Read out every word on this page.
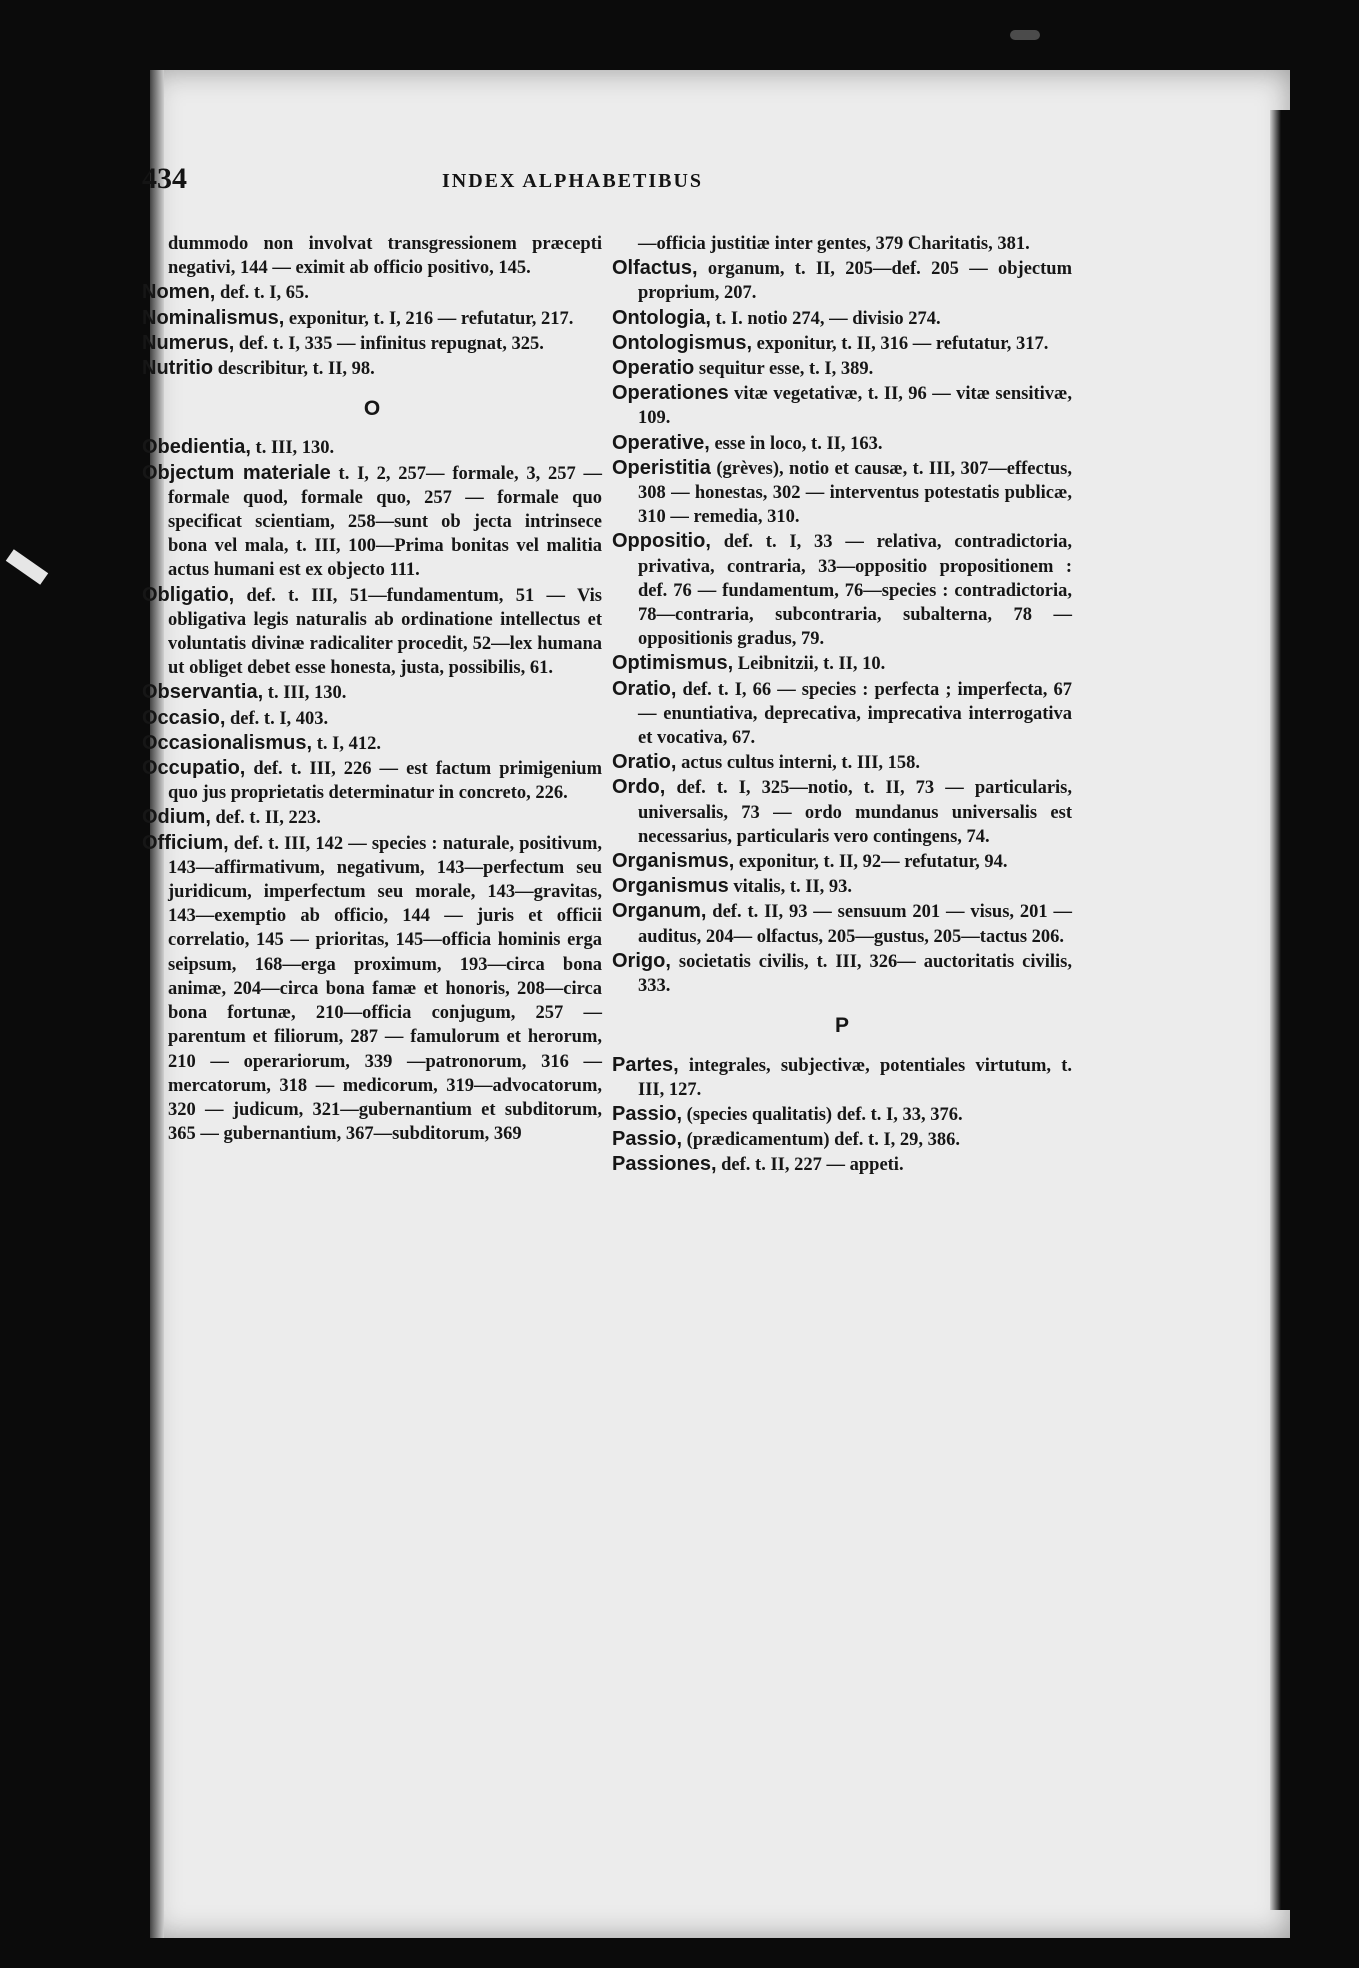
434	INDEX ALPHABETIBUS

dummodo non involvat transgressionem præcepti negativi, 144 — eximit ab officio positivo, 145.

Nomen, def. t. I, 65.

Nominalismus, exponitur, t. I, 216 — refutatur, 217.

Numerus, def. t. I, 335 — infinitus repugnat, 325.

Nutritio describitur, t. II, 98.

O

Obedientia, t. III, 130.

Objectum materiale t. I, 2, 257— formale, 3, 257 — formale quod, formale quo, 257 — formale quo specificat scientiam, 258—sunt ob jecta intrinsece bona vel mala, t. III, 100—Prima bonitas vel malitia actus humani est ex objecto 111.

Obligatio, def. t. III, 51—fundamentum, 51 — Vis obligativa legis naturalis ab ordinatione intellectus et voluntatis divinæ radicaliter procedit, 52—lex humana ut obliget debet esse honesta, justa, possibilis, 61.

Observantia, t. III, 130.

Occasio, def. t. I, 403.

Occasionalismus, t. I, 412.

Occupatio, def. t. III, 226 — est factum primigenium quo jus proprietatis determinatur in concreto, 226.

Odium, def. t. II, 223.

Officium, def. t. III, 142 — species : naturale, positivum, 143—affirmativum, negativum, 143—perfectum seu juridicum, imperfectum seu morale, 143—gravitas, 143—exemptio ab officio, 144 — juris et officii correlatio, 145 — prioritas, 145—officia hominis erga seipsum, 168—erga proximum, 193—circa bona animæ, 204—circa bona famæ et honoris, 208—circa bona fortunæ, 210—officia conjugum, 257 — parentum et filiorum, 287 — famulorum et herorum, 210 — operariorum, 339 —patronorum, 316 — mercatorum, 318 — medicorum, 319—advocatorum, 320 — judicum, 321—gubernantium et subditorum, 365 — gubernantium, 367—subditorum, 369

—officia justitiæ inter gentes, 379 Charitatis, 381.

Olfactus, organum, t. II, 205—def. 205 — objectum proprium, 207.

Ontologia, t. I. notio 274, — divisio 274.

Ontologismus, exponitur, t. II, 316 — refutatur, 317.

Operatio sequitur esse, t. I, 389.

Operationes vitæ vegetativæ, t. II, 96 — vitæ sensitivæ, 109.

Operative, esse in loco, t. II, 163.

Operistitia (grèves), notio et causæ, t. III, 307—effectus, 308 — honestas, 302 — interventus potestatis publicæ, 310 — remedia, 310.

Oppositio, def. t. I, 33 — relativa, contradictoria, privativa, contraria, 33—oppositio propositionem : def. 76 — fundamentum, 76—species : contradictoria, 78—contraria, subcontraria, subalterna, 78 — oppositionis gradus, 79.

Optimismus, Leibnitzii, t. II, 10.

Oratio, def. t. I, 66 — species : perfecta ; imperfecta, 67 — enuntiativa, deprecativa, imprecativa interrogativa et vocativa, 67.

Oratio, actus cultus interni, t. III, 158.

Ordo, def. t. I, 325—notio, t. II, 73 — particularis, universalis, 73 — ordo mundanus universalis est necessarius, particularis vero contingens, 74.

Organismus, exponitur, t. II, 92— refutatur, 94.

Organismus vitalis, t. II, 93.

Organum, def. t. II, 93 — sensuum 201 — visus, 201 — auditus, 204— olfactus, 205—gustus, 205—tactus 206.

Origo, societatis civilis, t. III, 326— auctoritatis civilis, 333.

P

Partes, integrales, subjectivæ, potentiales virtutum, t. III, 127.

Passio, (species qualitatis) def. t. I, 33, 376.

Passio, (prædicamentum) def. t. I, 29, 386.

Passiones, def. t. II, 227 — appeti.
